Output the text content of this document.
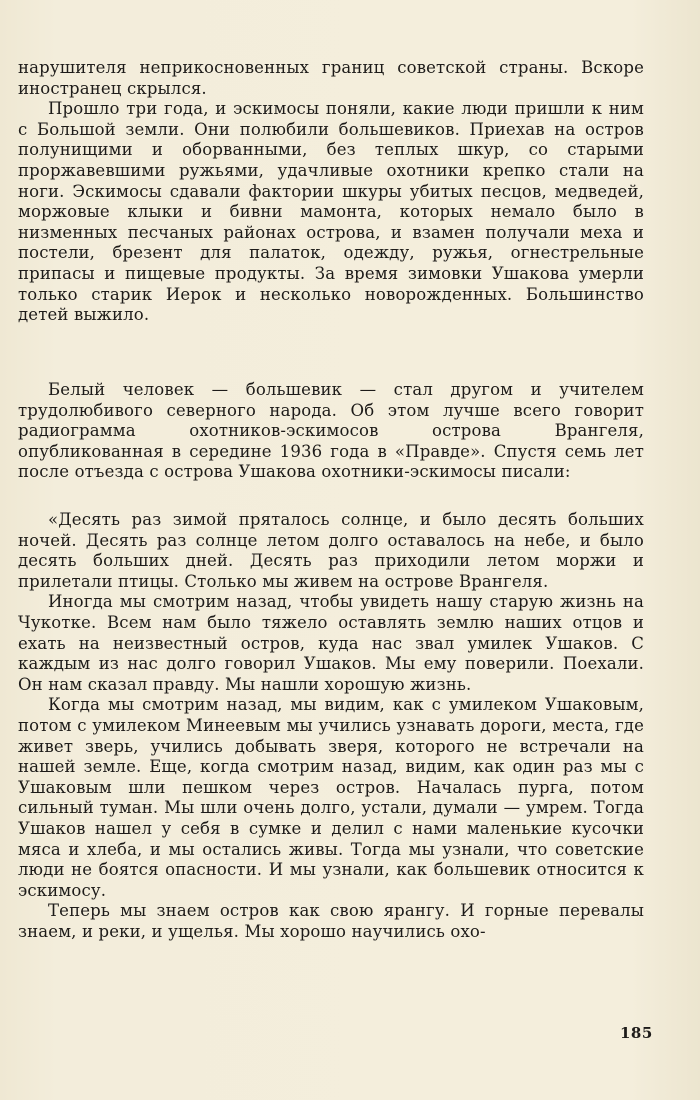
нарушителя неприкосновенных границ советской страны. Вскоре иностранец скрылся.

Прошло три года, и эскимосы поняли, какие люди пришли к ним с Большой земли. Они полюбили большевиков. Приехав на остров полунищими и оборванными, без теплых шкур, со старыми проржавевшими ружьями, удачливые охотники крепко стали на ноги. Эскимосы сдавали фактории шкуры убитых песцов, медведей, моржовые клыки и бивни мамонта, которых немало было в низменных песчаных районах острова, и взамен получали меха и постели, брезент для палаток, одежду, ружья, огнестрельные припасы и пищевые продукты. За время зимовки Ушакова умерли только старик Иерок и несколько новорожденных. Большинство детей выжило.

Белый человек — большевик — стал другом и учителем трудолюбивого северного народа. Об этом лучше всего говорит радиограмма охотников-эскимосов острова Врангеля, опубликованная в середине 1936 года в «Правде». Спустя семь лет после отъезда с острова Ушакова охотники-эскимосы писали:

«Десять раз зимой пряталось солнце, и было десять больших ночей. Десять раз солнце летом долго оставалось на небе, и было десять больших дней. Десять раз приходили летом моржи и прилетали птицы. Столько мы живем на острове Врангеля.

Иногда мы смотрим назад, чтобы увидеть нашу старую жизнь на Чукотке. Всем нам было тяжело оставлять землю наших отцов и ехать на неизвестный остров, куда нас звал умилек Ушаков. С каждым из нас долго говорил Ушаков. Мы ему поверили. Поехали. Он нам сказал правду. Мы нашли хорошую жизнь.

Когда мы смотрим назад, мы видим, как с умилеком Ушаковым, потом с умилеком Минеевым мы учились узнавать дороги, места, где живет зверь, учились добывать зверя, которого не встречали на нашей земле. Еще, когда смотрим назад, видим, как один раз мы с Ушаковым шли пешком через остров. Началась пурга, потом сильный туман. Мы шли очень долго, устали, думали — умрем. Тогда Ушаков нашел у себя в сумке и делил с нами маленькие кусочки мяса и хлеба, и мы остались живы. Тогда мы узнали, что советские люди не боятся опасности. И мы узнали, как большевик относится к эскимосу.

Теперь мы знаем остров как свою ярангу. И горные перевалы знаем, и реки, и ущелья. Мы хорошо научились охо-

185
